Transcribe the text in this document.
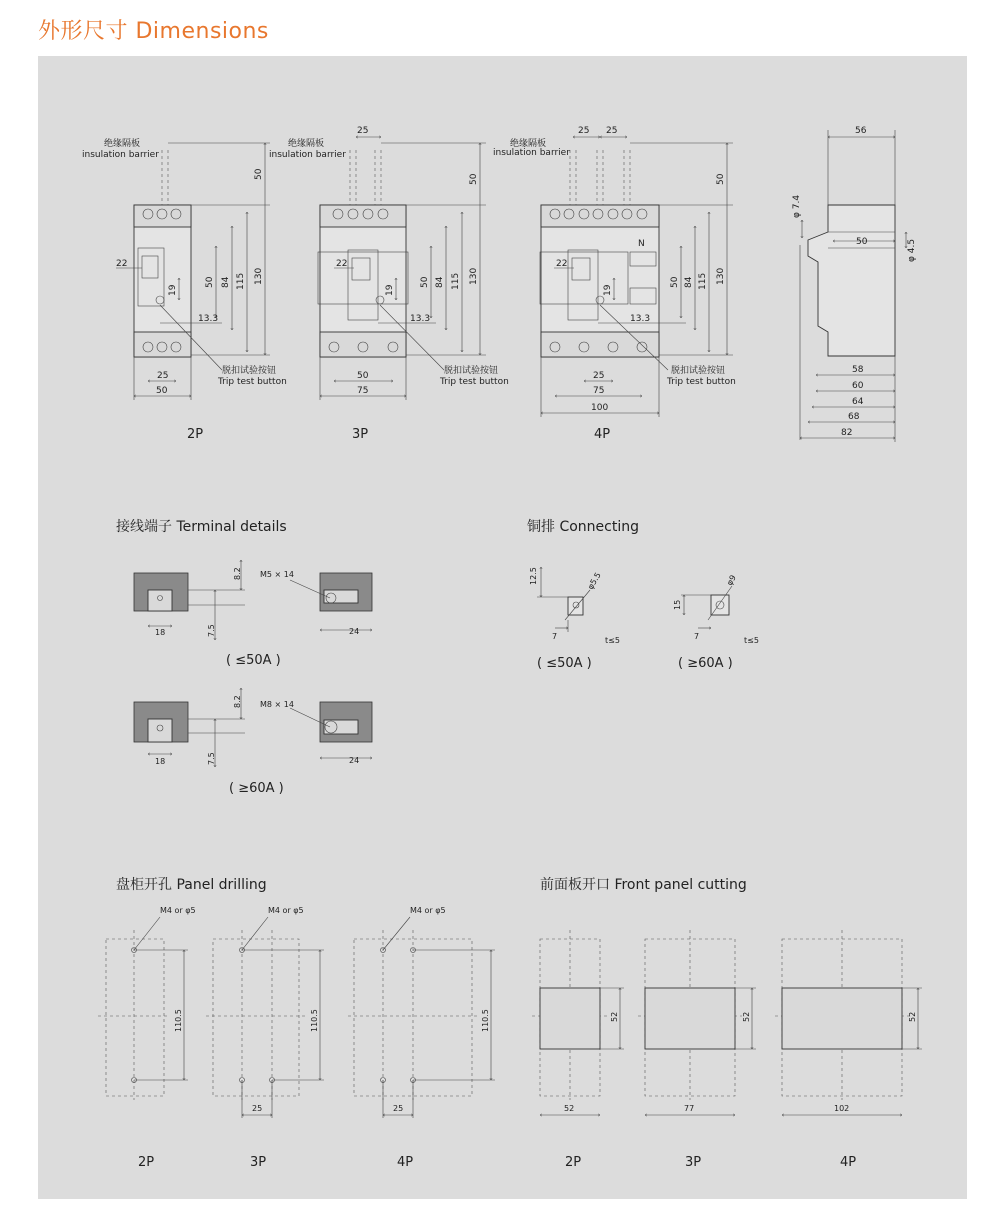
外形尺寸 Dimensions
绝缘隔板
insulation barrier
绝缘隔板
insulation barrier
绝缘隔板
insulation barrier
脱扣试验按钮
Trip test button
脱扣试验按钮
Trip test button
脱扣试验按钮
Trip test button
N
50
130
115
84
50
22
19
13.3
25
50
2P
25
50
130
115
84
50
22
19
13.3
50
75
3P
25 25
50
130
115
84
50
22
19
13.3
25
75
100
4P
56
φ 7.4
φ 4.5
50
58
60
64
68
82
接线端子 Terminal details
8.2
18	7.5
M5 × 14
24
( ≤50A )
8.2
18	7.5
M8 × 14
24
( ≥60A )
铜排 Connecting
12.5	φ5.5
7	t≤5
( ≤50A )
15
φ9
7	t≤5
( ≥60A )
盘柜开孔 Panel drilling
M4 or φ5
110.5
2P
M4 or φ5
110.5
25
3P
M4 or φ5
110.5
25
4P
前面板开口 Front panel cutting
52
52
2P
52
77
3P
52
102
4P
